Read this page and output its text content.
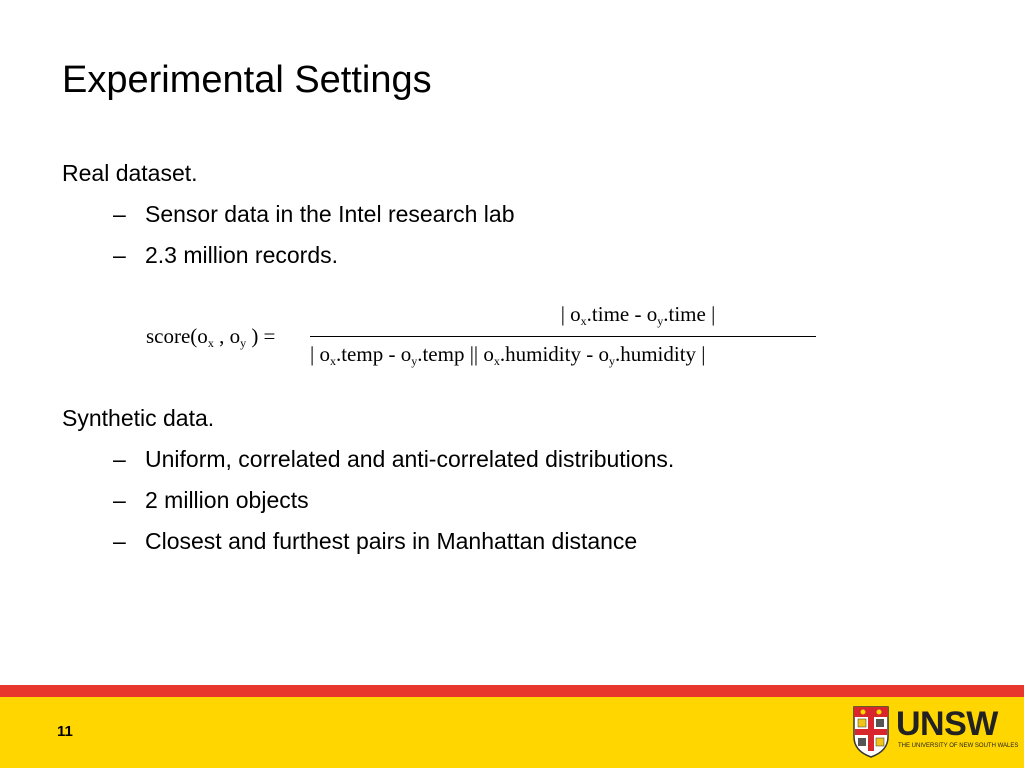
Experimental Settings
Real dataset.
– Sensor data in the Intel research lab
– 2.3 million records.
$score(o_x$ , $o_y$ ) =
| $o_x.time$ - $o_y.time$ |
| $o_x.temp$ - $o_y.temp$ || $o_x.humidity$ - $o_y.humidity$ |
Synthetic data.
– Uniform, correlated and anti-correlated distributions.
– 2 million objects
– Closest and furthest pairs in Manhattan distance
11	UNSW
THE UNIVERSITY OF NEW SOUTH WALES
